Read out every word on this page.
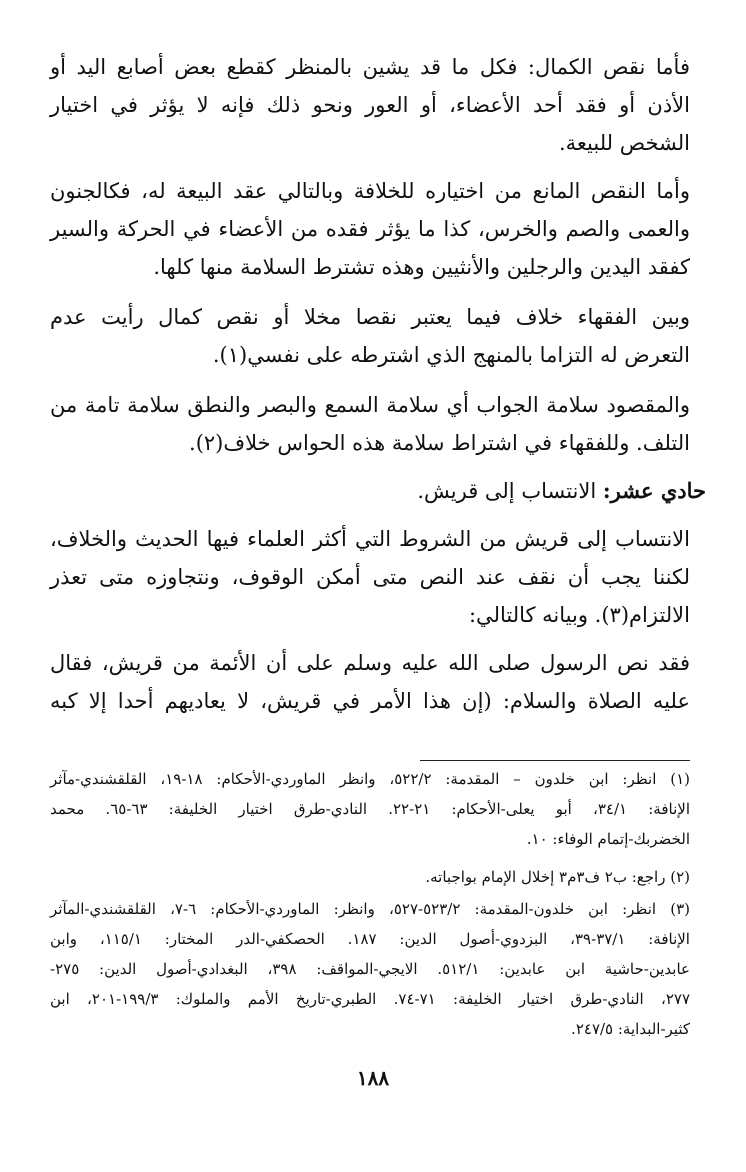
فأما نقص الكمال: فكل ما قد يشين بالمنظر كقطع بعض أصابع اليد أو
الأذن أو فقد أحد الأعضاء، أو العور ونحو ذلك فإنه لا يؤثر في اختيار
الشخص للبيعة.
وأما النقص المانع من اختياره للخلافة وبالتالي عقد البيعة له، فكالجنون
والعمى والصم والخرس، كذا ما يؤثر فقده من الأعضاء في الحركة والسير
كفقد اليدين والرجلين والأنثيين وهذه تشترط السلامة منها كلها.
وبين الفقهاء خلاف فيما يعتبر نقصا مخلا أو نقص كمال رأيت عدم
التعرض له التزاما بالمنهج الذي اشترطه على نفسي(١).
والمقصود سلامة الجواب أي سلامة السمع والبصر والنطق سلامة تامة من
التلف. وللفقهاء في اشتراط سلامة هذه الحواس خلاف(٢).
حادي عشر: الانتساب إلى قريش.
الانتساب إلى قريش من الشروط التي أكثر العلماء فيها الحديث والخلاف،
لكننا يجب أن نقف عند النص متى أمكن الوقوف، ونتجاوزه متى تعذر
الالتزام(٣). وبيانه كالتالي:
فقد نص الرسول صلى الله عليه وسلم على أن الأئمة من قريش، فقال
عليه الصلاة والسلام: (إن هذا الأمر في قريش، لا يعاديهم أحدا إلا كبه
(١) انظر: ابن خلدون – المقدمة: ٥٢٢/٢، وانظر الماوردي-الأحكام: ١٨-١٩، القلقشندي-مآثر
الإنافة: ٣٤/١، أبو يعلى-الأحكام: ٢١-٢٢. النادي-طرق اختيار الخليفة: ٦٣-٦٥. محمد
الخضربك-إتمام الوفاء: ١٠.
(٢) راجع: ب٢ ف٣م٣ إخلال الإمام بواجباته.
(٣) انظر: ابن خلدون-المقدمة: ٥٢٣/٢-٥٢٧، وانظر: الماوردي-الأحكام: ٦-٧، القلقشندي-المآثر
الإنافة: ٣٧/١-٣٩، البزدوي-أصول الدين: ١٨٧. الحصكفي-الدر المختار: ١١٥/١، وابن
عابدين-حاشية ابن عابدين: ٥١٢/١. الايجي-المواقف: ٣٩٨، البغدادي-أصول الدين: ٢٧٥-
٢٧٧، النادي-طرق اختيار الخليفة: ٧١-٧٤. الطبري-تاريخ الأمم والملوك: ١٩٩/٣-٢٠١، ابن
كثير-البداية: ٢٤٧/٥.
١٨٨
